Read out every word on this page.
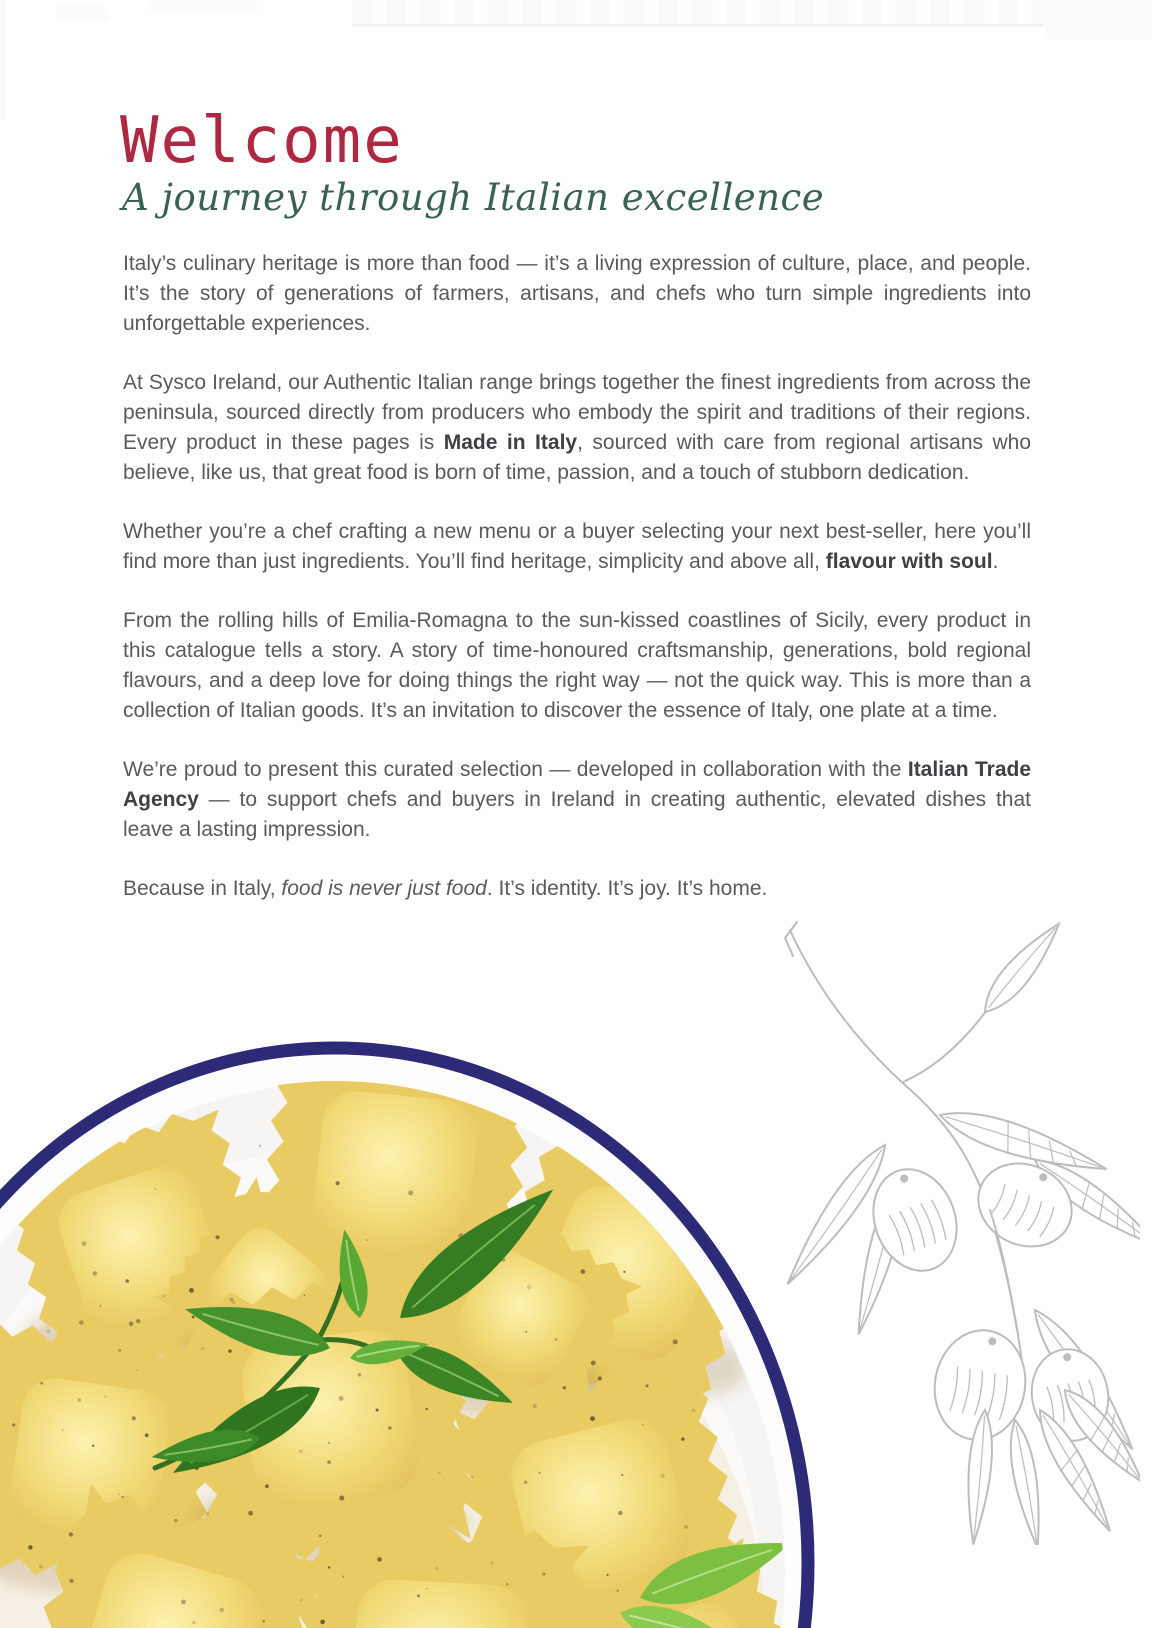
Welcome
A journey through Italian excellence

Italy’s culinary heritage is more than food — it’s a living expression of culture, place, and people. It’s the story of generations of farmers, artisans, and chefs who turn simple ingredients into unforgettable experiences.

At Sysco Ireland, our Authentic Italian range brings together the finest ingredients from across the peninsula, sourced directly from producers who embody the spirit and traditions of their regions. Every product in these pages is Made in Italy, sourced with care from regional artisans who believe, like us, that great food is born of time, passion, and a touch of stubborn dedication.

Whether you’re a chef crafting a new menu or a buyer selecting your next best-seller, here you’ll find more than just ingredients. You’ll find heritage, simplicity and above all, flavour with soul.

From the rolling hills of Emilia-Romagna to the sun-kissed coastlines of Sicily, every product in this catalogue tells a story. A story of time-honoured craftsmanship, generations, bold regional flavours, and a deep love for doing things the right way — not the quick way. This is more than a collection of Italian goods. It’s an invitation to discover the essence of Italy, one plate at a time.

We’re proud to present this curated selection — developed in collaboration with the Italian Trade Agency — to support chefs and buyers in Ireland in creating authentic, elevated dishes that leave a lasting impression.

Because in Italy, food is never just food. It’s identity. It’s joy. It’s home.
